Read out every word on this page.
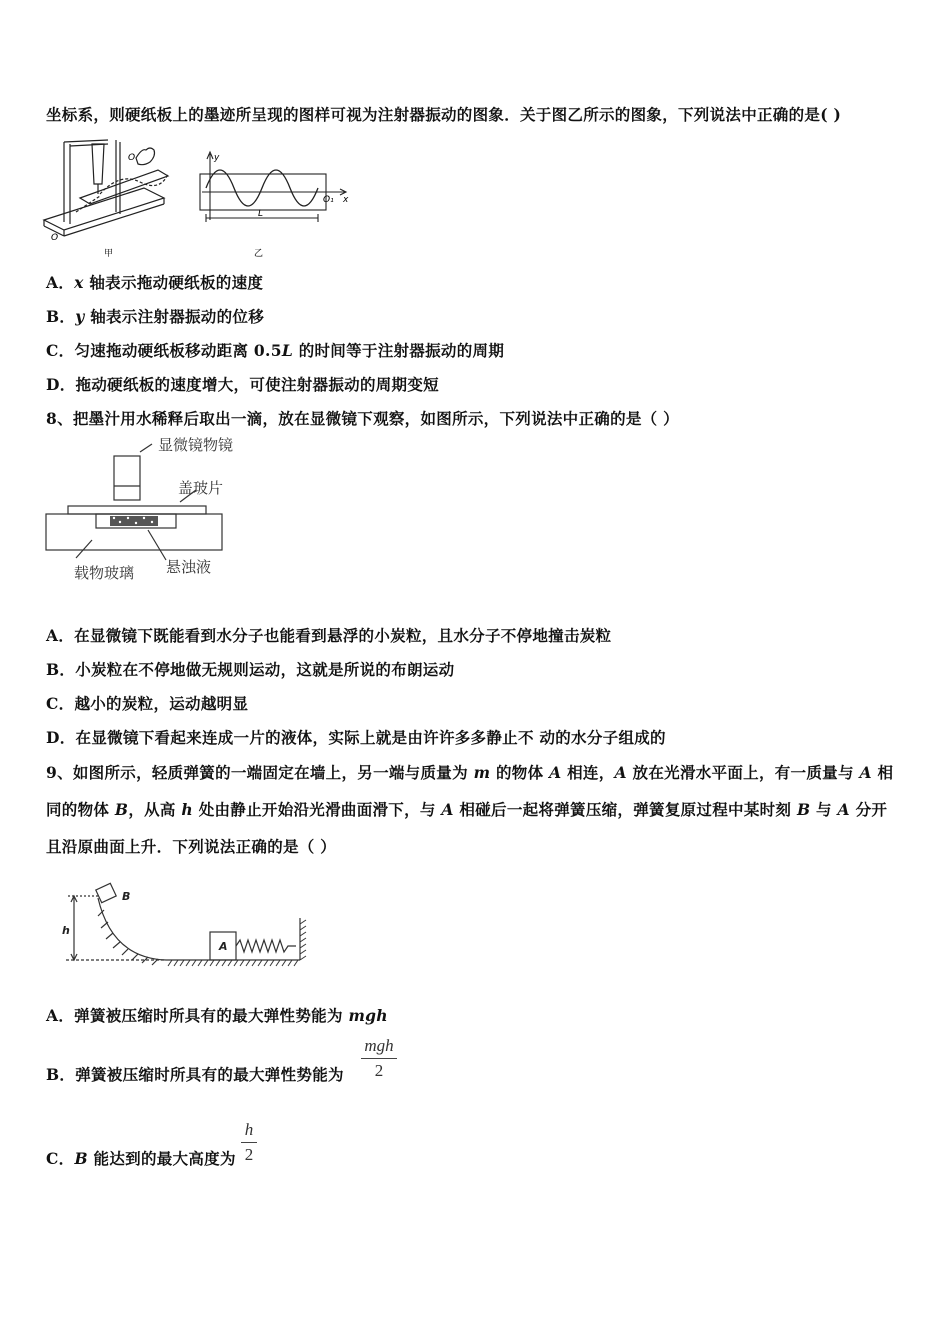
坐标系，则硬纸板上的墨迹所呈现的图样可视为注射器振动的图象．关于图乙所示的图象，下列说法中正确的是( )
O
O
甲
y
x
O₁
L
乙
A．x 轴表示拖动硬纸板的速度
B．y 轴表示注射器振动的位移
C．匀速拖动硬纸板移动距离 0.5L 的时间等于注射器振动的周期
D．拖动硬纸板的速度增大，可使注射器振动的周期变短
8、把墨汁用水稀释后取出一滴，放在显微镜下观察，如图所示，下列说法中正确的是（ ）
显微镜物镜
盖玻片
悬浊液
载物玻璃
A．在显微镜下既能看到水分子也能看到悬浮的小炭粒，且水分子不停地撞击炭粒
B．小炭粒在不停地做无规则运动，这就是所说的布朗运动
C．越小的炭粒，运动越明显
D．在显微镜下看起来连成一片的液体，实际上就是由许许多多静止不 动的水分子组成的
9、如图所示，轻质弹簧的一端固定在墙上，另一端与质量为 m 的物体 A 相连，A 放在光滑水平面上，有一质量与 A 相
同的物体 B，从高 h 处由静止开始沿光滑曲面滑下，与 A 相碰后一起将弹簧压缩，弹簧复原过程中某时刻 B 与 A 分开
且沿原曲面上升．下列说法正确的是（ ）
B
A
h
A．弹簧被压缩时所具有的最大弹性势能为 mgh
B．弹簧被压缩时所具有的最大弹性势能为
mgh
2
C．B 能达到的最大高度为
h
2
